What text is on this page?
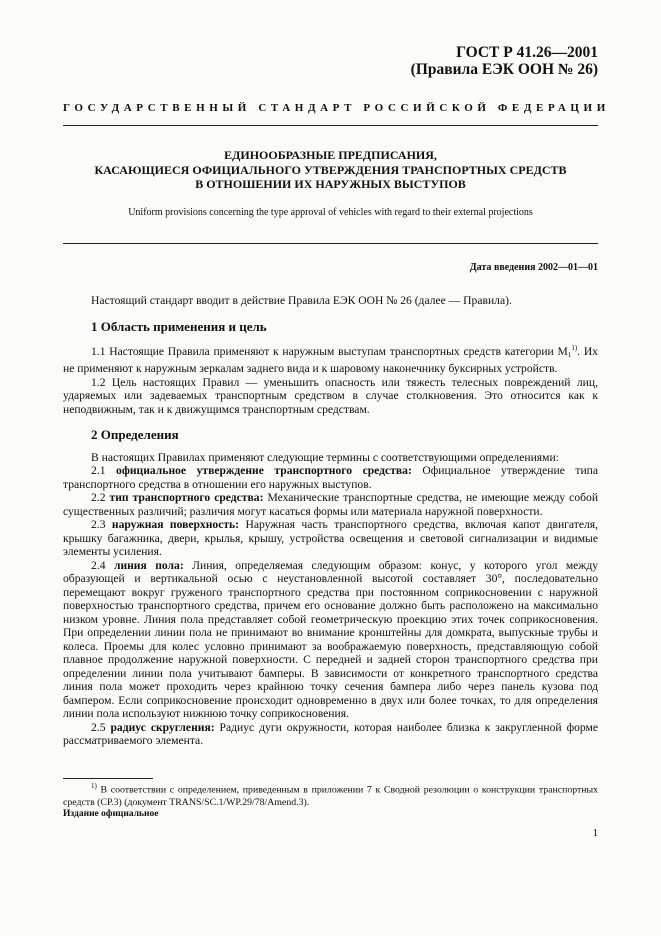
ГОСТ Р 41.26—2001
(Правила ЕЭК ООН № 26)
ГОСУДАРСТВЕННЫЙ СТАНДАРТ РОССИЙСКОЙ ФЕДЕРАЦИИ
ЕДИНООБРАЗНЫЕ ПРЕДПИСАНИЯ,
КАСАЮЩИЕСЯ ОФИЦИАЛЬНОГО УТВЕРЖДЕНИЯ ТРАНСПОРТНЫХ СРЕДСТВ
В ОТНОШЕНИИ ИХ НАРУЖНЫХ ВЫСТУПОВ
Uniform provisions concerning the type approval of vehicles with regard to their external projections
Дата введения 2002—01—01

Настоящий стандарт вводит в действие Правила ЕЭК ООН № 26 (далее — Правила).

1 Область применения и цель

1.1 Настоящие Правила применяют к наружным выступам транспортных средств категории $M_1^{1)}$. Их не применяют к наружным зеркалам заднего вида и к шаровому наконечнику буксирных устройств.

1.2 Цель настоящих Правил — уменьшить опасность или тяжесть телесных повреждений лиц, ударяемых или задеваемых транспортным средством в случае столкновения. Это относится как к неподвижным, так и к движущимся транспортным средствам.

2 Определения

В настоящих Правилах применяют следующие термины с соответствующими определениями:

2.1 официальное утверждение транспортного средства: Официальное утверждение типа транспортного средства в отношении его наружных выступов.

2.2 тип транспортного средства: Механические транспортные средства, не имеющие между собой существенных различий; различия могут касаться формы или материала наружной поверхности.

2.3 наружная поверхность: Наружная часть транспортного средства, включая капот двигателя, крышку багажника, двери, крылья, крышу, устройства освещения и световой сигнализации и видимые элементы усиления.

2.4 линия пола: Линия, определяемая следующим образом: конус, у которого угол между образующей и вертикальной осью с неустановленной высотой составляет 30°, последовательно перемещают вокруг груженого транспортного средства при постоянном соприкосновении с наружной поверхностью транспортного средства, причем его основание должно быть расположено на максимально низком уровне. Линия пола представляет собой геометрическую проекцию этих точек соприкосновения. При определении линии пола не принимают во внимание кронштейны для домкрата, выпускные трубы и колеса. Проемы для колес условно принимают за воображаемую поверхность, представляющую собой плавное продолжение наружной поверхности. С передней и задней сторон транспортного средства при определении линии пола учитывают бамперы. В зависимости от конкретного транспортного средства линия пола может проходить через крайнюю точку сечения бампера либо через панель кузова под бампером. Если соприкосновение происходит одновременно в двух или более точках, то для определения линии пола используют нижнюю точку соприкосновения.

2.5 радиус скругления: Радиус дуги окружности, которая наиболее близка к закругленной форме рассматриваемого элемента.

$^{1)}$ В соответствии с определением, приведенным в приложении 7 к Сводной резолюции о конструкции транспортных средств (СР.3) (документ TRANS/SC.1/WP.29/78/Amend.3).
Издание официальное
1
